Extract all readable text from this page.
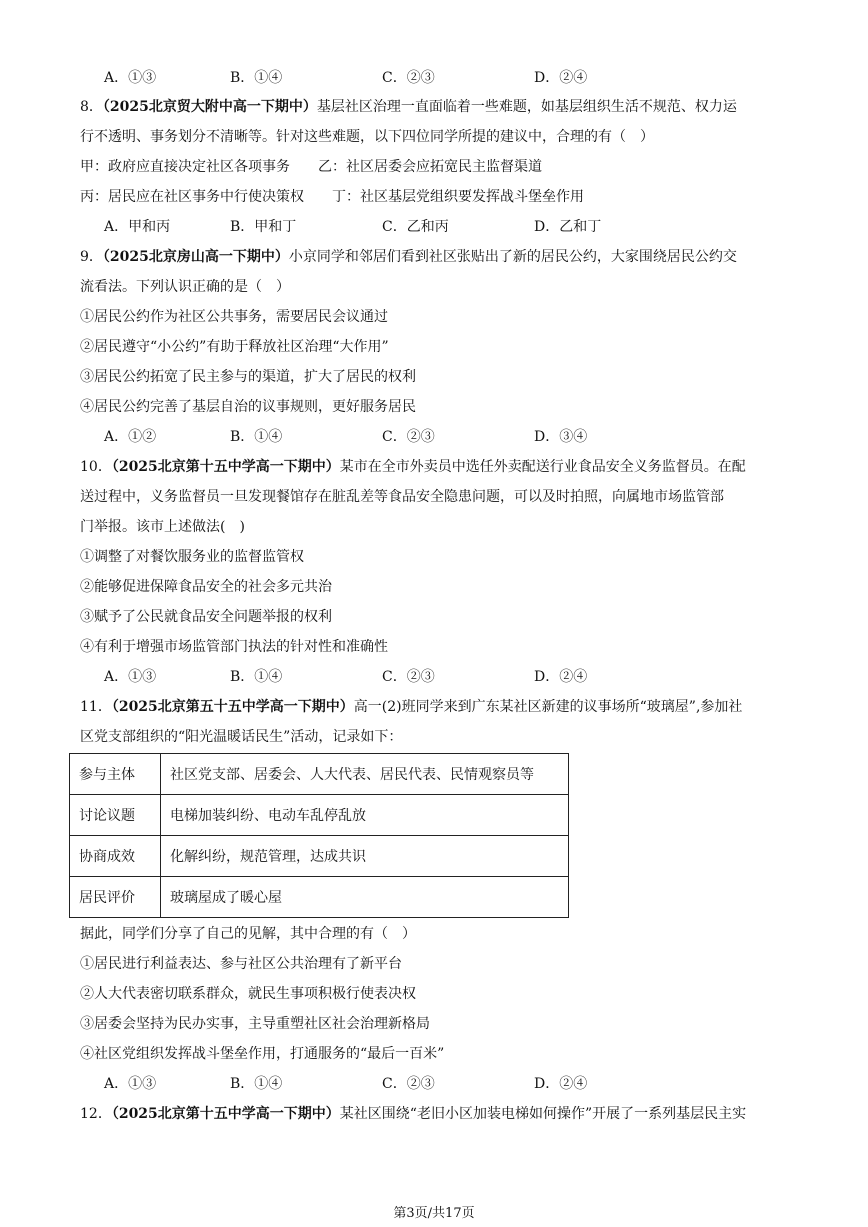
A．①③	B．①④	C．②③	D．②④
8．（2025北京贸大附中高一下期中）基层社区治理一直面临着一些难题，如基层组织生活不规范、权力运
行不透明、事务划分不清晰等。针对这些难题，以下四位同学所提的建议中，合理的有（　）
甲：政府应直接决定社区各项事务　　乙：社区居委会应拓宽民主监督渠道
丙：居民应在社区事务中行使决策权　　丁：社区基层党组织要发挥战斗堡垒作用
A．甲和丙	B．甲和丁	C．乙和丙	D．乙和丁
9．（2025北京房山高一下期中）小京同学和邻居们看到社区张贴出了新的居民公约，大家围绕居民公约交
流看法。下列认识正确的是（　）
①居民公约作为社区公共事务，需要居民会议通过
②居民遵守“小公约”有助于释放社区治理“大作用”
③居民公约拓宽了民主参与的渠道，扩大了居民的权利
④居民公约完善了基层自治的议事规则，更好服务居民
A．①②	B．①④	C．②③	D．③④
10．（2025北京第十五中学高一下期中）某市在全市外卖员中选任外卖配送行业食品安全义务监督员。在配
送过程中，义务监督员一旦发现餐馆存在脏乱差等食品安全隐患问题，可以及时拍照，向属地市场监管部
门举报。该市上述做法(　)
①调整了对餐饮服务业的监督监管权
②能够促进保障食品安全的社会多元共治
③赋予了公民就食品安全问题举报的权利
④有利于增强市场监管部门执法的针对性和准确性
A．①③	B．①④	C．②③	D．②④
11．（2025北京第五十五中学高一下期中）高一(2)班同学来到广东某社区新建的议事场所“玻璃屋”,参加社
区党支部组织的“阳光温暖话民生”活动，记录如下：
参与主体	社区党支部、居委会、人大代表、居民代表、民情观察员等
讨论议题	电梯加装纠纷、电动车乱停乱放
协商成效	化解纠纷，规范管理，达成共识
居民评价	玻璃屋成了暖心屋
据此，同学们分享了自己的见解，其中合理的有（　）
①居民进行利益表达、参与社区公共治理有了新平台
②人大代表密切联系群众，就民生事项积极行使表决权
③居委会坚持为民办实事，主导重塑社区社会治理新格局
④社区党组织发挥战斗堡垒作用，打通服务的“最后一百米”
A．①③	B．①④	C．②③	D．②④
12．（2025北京第十五中学高一下期中）某社区围绕“老旧小区加装电梯如何操作”开展了一系列基层民主实
第3页/共17页
